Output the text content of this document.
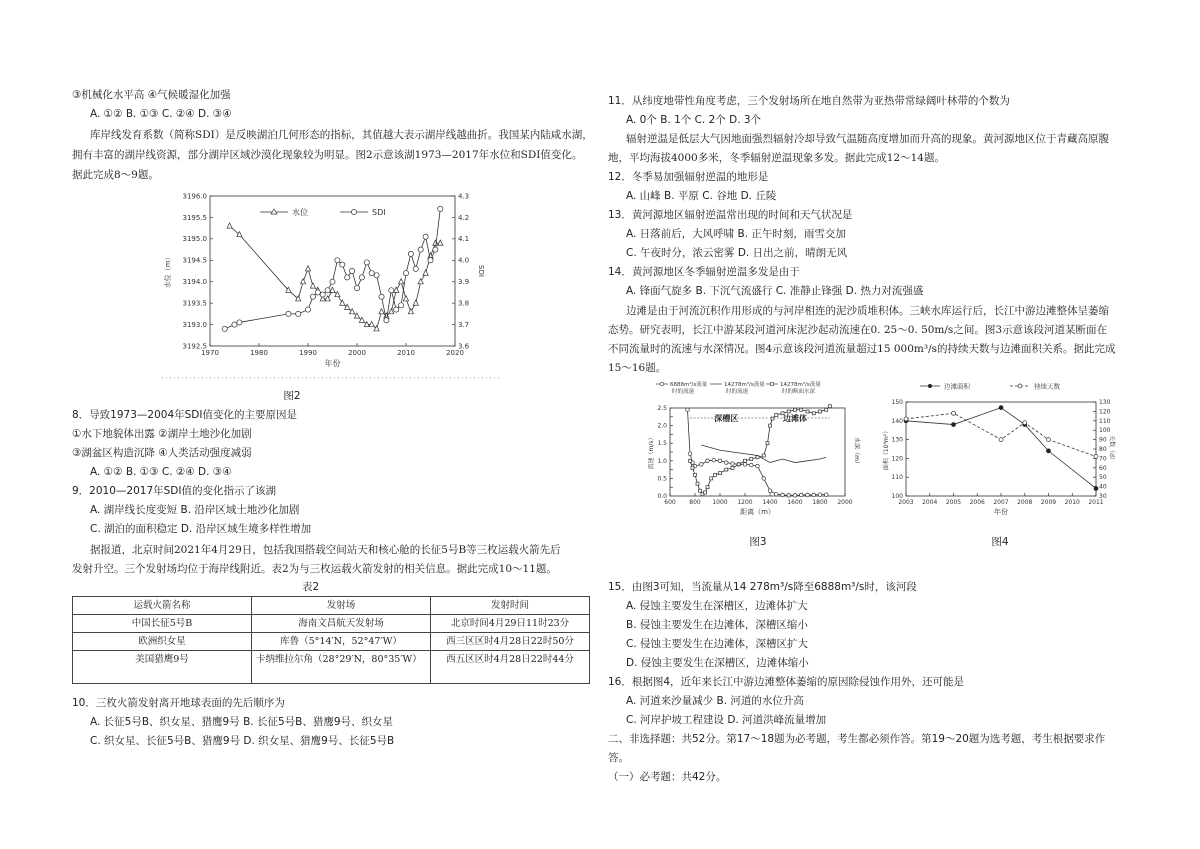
③机械化水平高 ④气候暖湿化加强
A. ①② B. ①③ C. ②④ D. ③④
库岸线发育系数（简称SDI）是反映湖泊几何形态的指标，其值越大表示湖岸线越曲折。我国某内陆咸水湖，
拥有丰富的湖岸线资源，部分湖岸区域沙漠化现象较为明显。图2示意该湖1973—2017年水位和SDI值变化。
据此完成8～9题。
1970	1980	1990	2000	2010	2020
3192.5
3193.0
3193.5
3194.0
3194.5
3195.0
3195.5
3196.0
3.6
3.7
3.8
3.9
4.0
4.1
4.2
4.3
年份
水位（m）	SDI
水位	SDI
图2
8．导致1973—2004年SDI值变化的主要原因是
①水下地貌体出露 ②湖岸土地沙化加剧
③湖盆区构造沉降 ④人类活动强度减弱
A. ①② B. ①③ C. ②④ D. ③④
9．2010—2017年SDI值的变化指示了该湖
A. 湖岸线长度变短 B. 沿岸区域土地沙化加剧
C. 湖泊的面积稳定 D. 沿岸区域生境多样性增加
据报道，北京时间2021年4月29日，包括我国搭载空间站天和核心舱的长征5号B等三枚运载火箭先后
发射升空。三个发射场均位于海岸线附近。表2为与三枚运载火箭发射的相关信息。据此完成10～11题。
表2
运载火箭名称	发射场	发射时间
中国长征5号B	海南文昌航天发射场	北京时间4月29日11时23分
欧洲织女星	库鲁（5°14′N，52°47′W）	西三区区时4月28日22时50分
美国猎鹰9号	卡纳维拉尔角（28°29′N，80°35′W）	西五区区时4月28日22时44分
10．三枚火箭发射离开地球表面的先后顺序为
A. 长征5号B、织女星、猎鹰9号 B. 长征5号B、猎鹰9号、织女星
C. 织女星、长征5号B、猎鹰9号 D. 织女星、猎鹰9号、长征5号B
11．从纬度地带性角度考虑，三个发射场所在地自然带为亚热带常绿阔叶林带的个数为
A. 0个 B. 1个 C. 2个 D. 3个
辐射逆温是低层大气因地面强烈辐射冷却导致气温随高度增加而升高的现象。黄河源地区位于青藏高原腹
地，平均海拔4000多米，冬季辐射逆温现象多发。据此完成12～14题。
12．冬季易加强辐射逆温的地形是
A. 山峰 B. 平原 C. 谷地 D. 丘陵
13．黄河源地区辐射逆温常出现的时间和天气状况是
A. 日落前后，大风呼啸 B. 正午时刻，雨雪交加
C. 午夜时分，浓云密雾 D. 日出之前，晴朗无风
14．黄河源地区冬季辐射逆温多发是由于
A. 锋面气旋多 B. 下沉气流盛行 C. 准静止锋强 D. 热力对流强盛
边滩是由于河流沉积作用形成的与河岸相连的泥沙质堆积体。三峡水库运行后，长江中游边滩整体呈萎缩
态势。研究表明，长江中游某段河道河床泥沙起动流速在0. 25～0. 50m/s之间。图3示意该段河道某断面在
不同流量时的流速与水深情况。图4示意该段河道流量超过15 000m³/s的持续天数与边滩面积关系。据此完成
15～16题。
600 800 1000 1200 1400 1600 1800 2000
0.0
0.5
1.0
1.5
2.0
2.5
距离（m）
流速（m/s）	水深（m）
6888m³/s流量
时的流速
14278m³/s流量
时的流速
14278m³/s流量
时的断面水深
深槽区	边滩体
2003 2004 2005 2006 2007 2008 2009 2010 2011
100
110
120
130
140
150
30
40
50
60
70
80
90
100
110
120
130
年份
面积（10⁴m²）	天数（d）
边滩面积	持续天数
图3	图4
15．由图3可知，当流量从14 278m³/s降至6888m³/s时，该河段
A. 侵蚀主要发生在深槽区，边滩体扩大
B. 侵蚀主要发生在边滩体，深槽区缩小
C. 侵蚀主要发生在边滩体，深槽区扩大
D. 侵蚀主要发生在深槽区，边滩体缩小
16．根据图4，近年来长江中游边滩整体萎缩的原因除侵蚀作用外，还可能是
A. 河道来沙量减少 B. 河道的水位升高
C. 河岸护坡工程建设 D. 河道洪峰流量增加
二、非选择题：共52分。第17～18题为必考题，考生都必须作答。第19～20题为选考题，考生根据要求作
答。
（一）必考题：共42分。
